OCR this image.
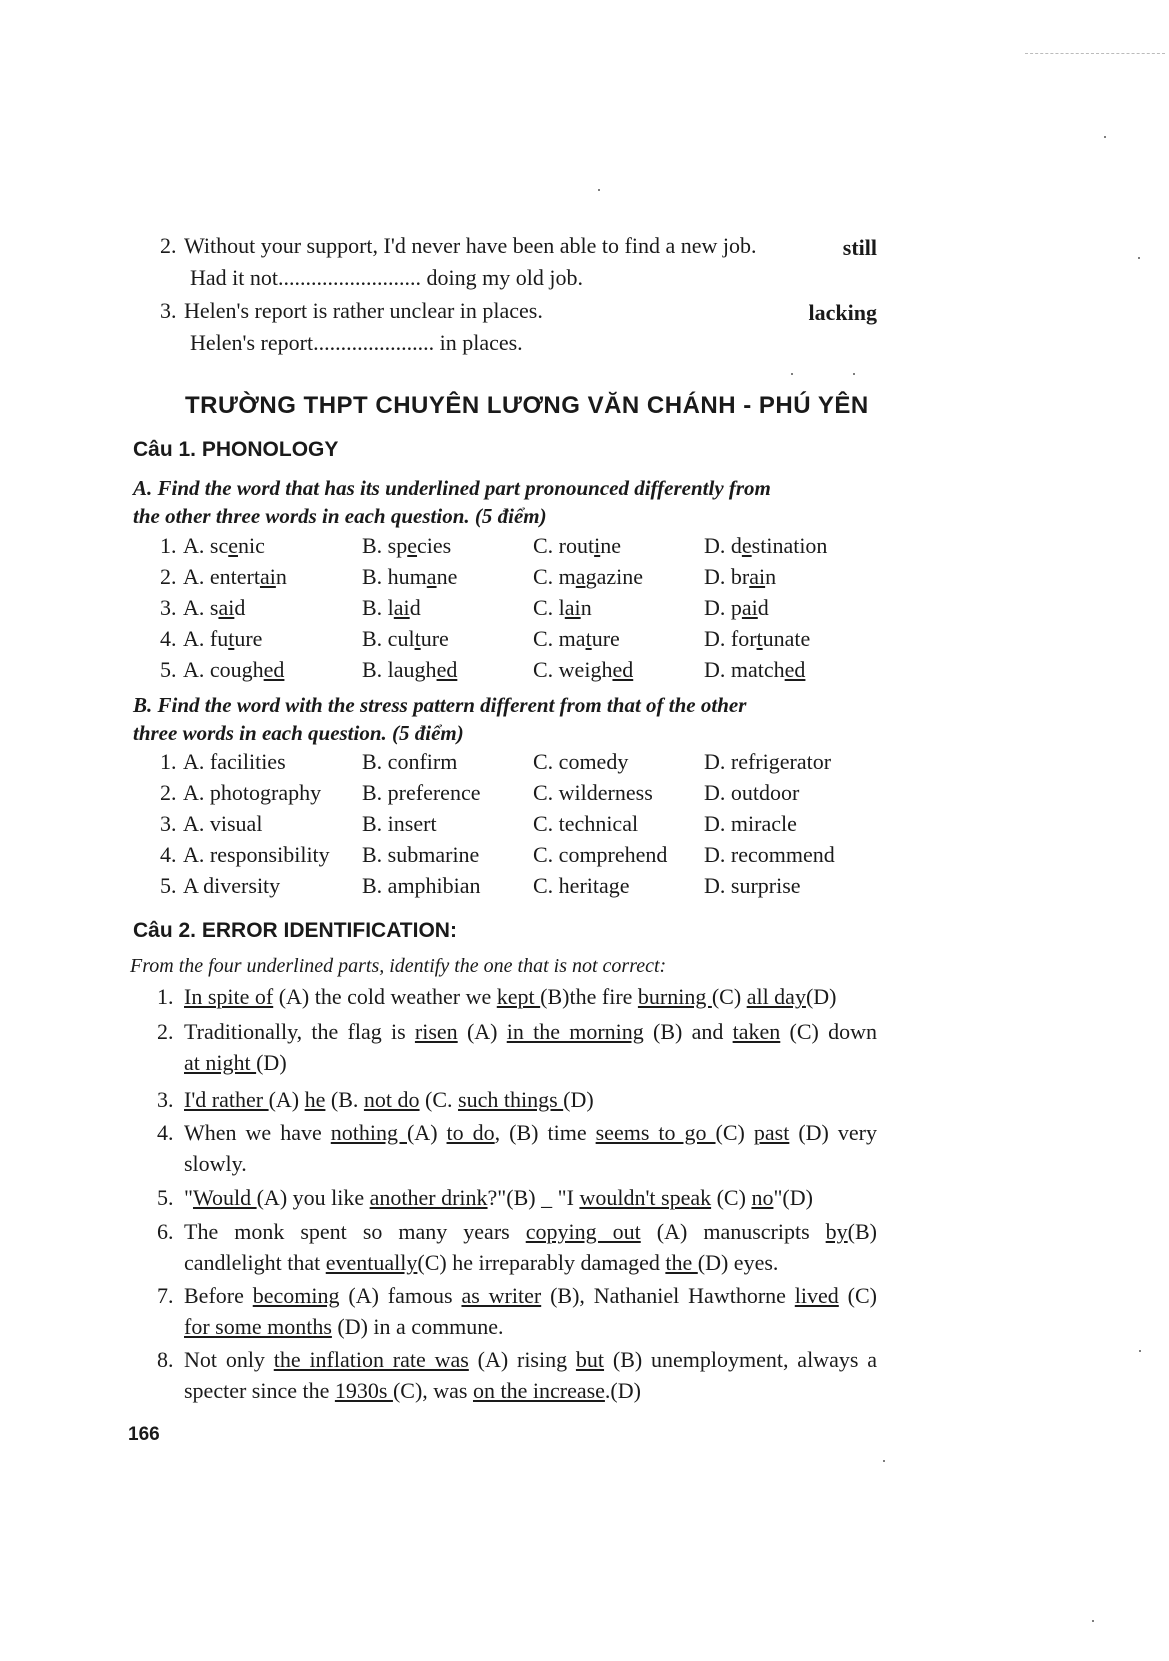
2. Without your support, I'd never have been able to find a new job.	still
Had it not.......................... doing my old job.
3. Helen's report is rather unclear in places.	lacking
Helen's report...................... in places.
TRƯỜNG THPT CHUYÊN LƯƠNG VĂN CHÁNH - PHÚ YÊN
Câu 1. PHONOLOGY
A. Find the word that has its underlined part pronounced differently from
the other three words in each question. (5 điểm)
1. A. scenic	B. species	C. routine	D. destination
2. A. entertain	B. humane	C. magazine	D. brain
3. A. said	B. laid	C. lain	D. paid
4. A. future	B. culture	C. mature	D. fortunate
5. A. coughed	B. laughed	C. weighed	D. matched
B. Find the word with the stress pattern different from that of the other
three words in each question. (5 điểm)
1. A. facilities	B. confirm	C. comedy	D. refrigerator
2. A. photography B. preference C. wilderness D. outdoor
3. A. visual	B. insert	C. technical	D. miracle
4. A. responsibility B. submarine C. comprehend D. recommend
5. A diversity	B. amphibian C. heritage	D. surprise
Câu 2. ERROR IDENTIFICATION:
From the four underlined parts, identify the one that is not correct:
1. In spite of (A) the cold weather we kept (B)the fire burning (C) all day(D)
2. Traditionally, the flag is risen (A) in the morning (B) and taken (C) down
at night (D)
3. I'd rather (A) he (B. not do (C. such things (D)
4. When we have nothing (A) to do, (B) time seems to go (C) past (D) very
slowly.
5. "Would (A) you like another drink?"(B) _ "I wouldn't speak (C) no"(D)
6. The monk spent so many years copying out (A) manuscripts by(B)
candlelight that eventually(C) he irreparably damaged the (D) eyes.
7. Before becoming (A) famous as writer (B), Nathaniel Hawthorne lived (C)
for some months (D) in a commune.
8. Not only the inflation rate was (A) rising but (B) unemployment, always a
specter since the 1930s (C), was on the increase.(D)
166
